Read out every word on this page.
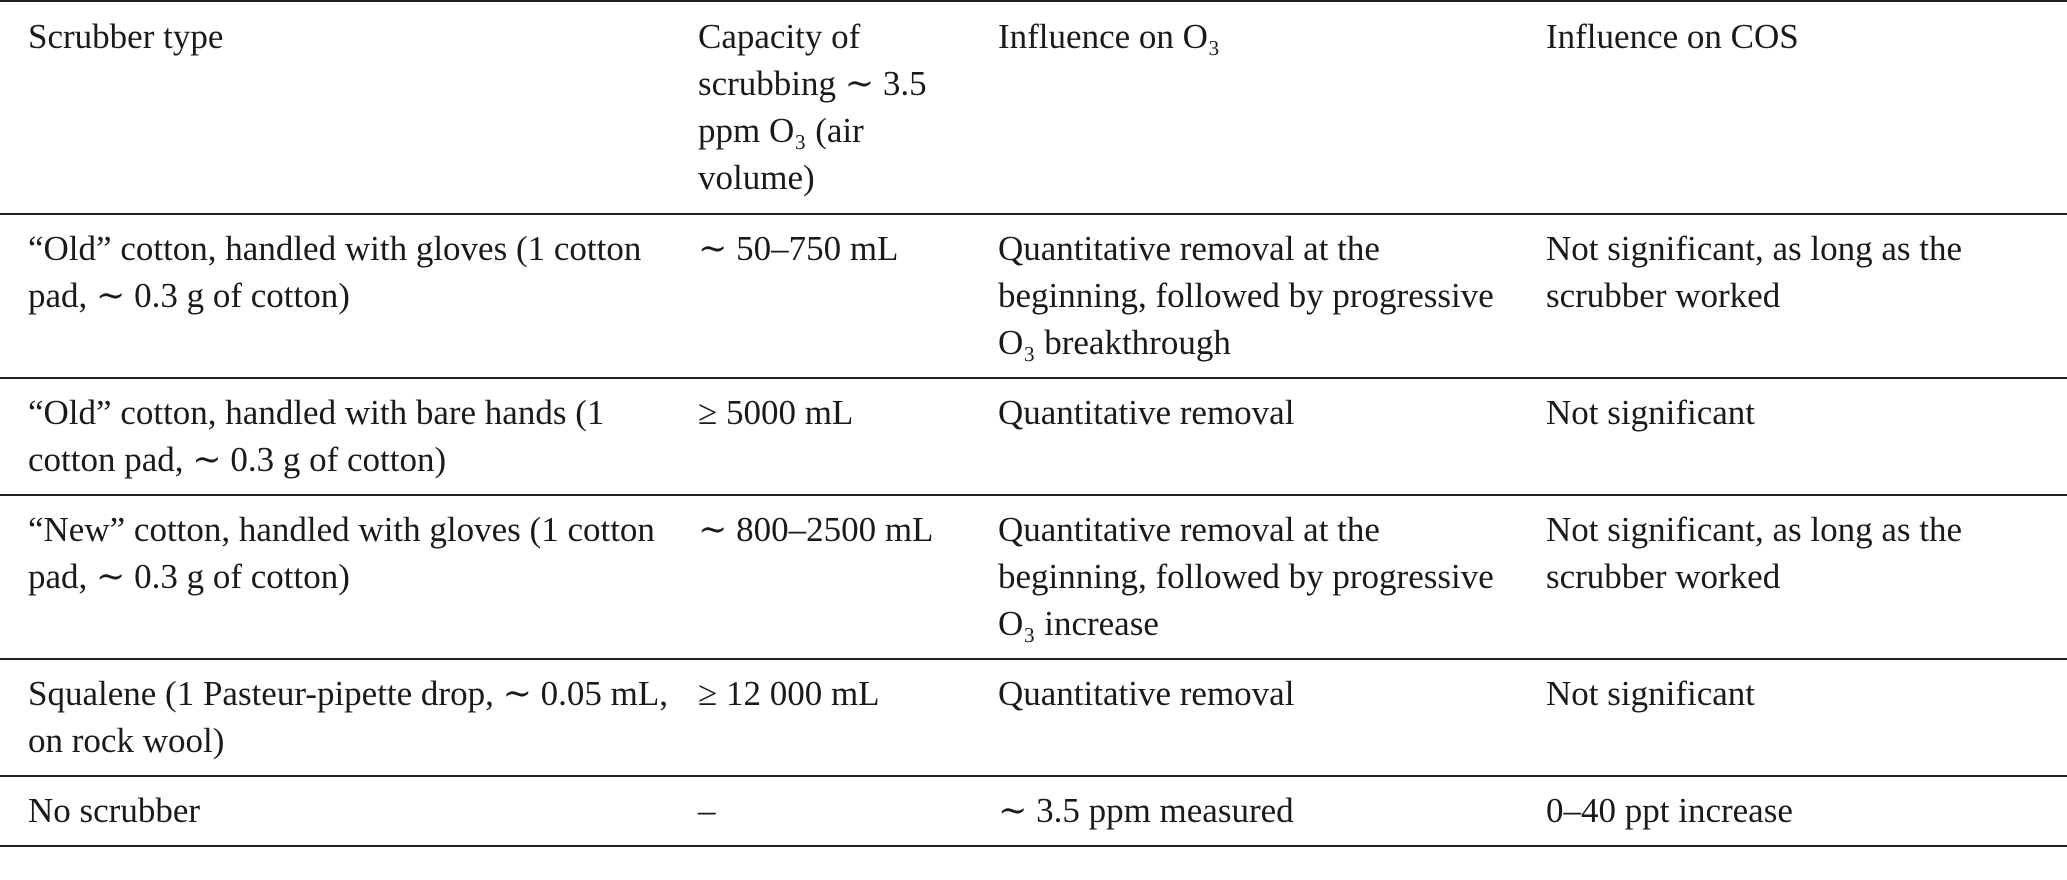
Scrubber type	Capacity of scrubbing ∼ 3.5 ppm O₃ (air volume)	Influence on O₃	Influence on COS
“Old” cotton, handled with gloves (1 cotton pad, ∼ 0.3 g of cotton)	∼ 50–750 mL	Quantitative removal at the beginning, followed by progressive O₃ breakthrough	Not significant, as long as the scrubber worked
“Old” cotton, handled with bare hands (1 cotton pad, ∼ 0.3 g of cotton)	≥ 5000 mL	Quantitative removal	Not significant
“New” cotton, handled with gloves (1 cotton pad, ∼ 0.3 g of cotton)	∼ 800–2500 mL	Quantitative removal at the beginning, followed by progressive O₃ increase	Not significant, as long as the scrubber worked
Squalene (1 Pasteur-pipette drop, ∼ 0.05 mL, on rock wool)	≥ 12 000 mL	Quantitative removal	Not significant
No scrubber	–	∼ 3.5 ppm measured	0–40 ppt increase
